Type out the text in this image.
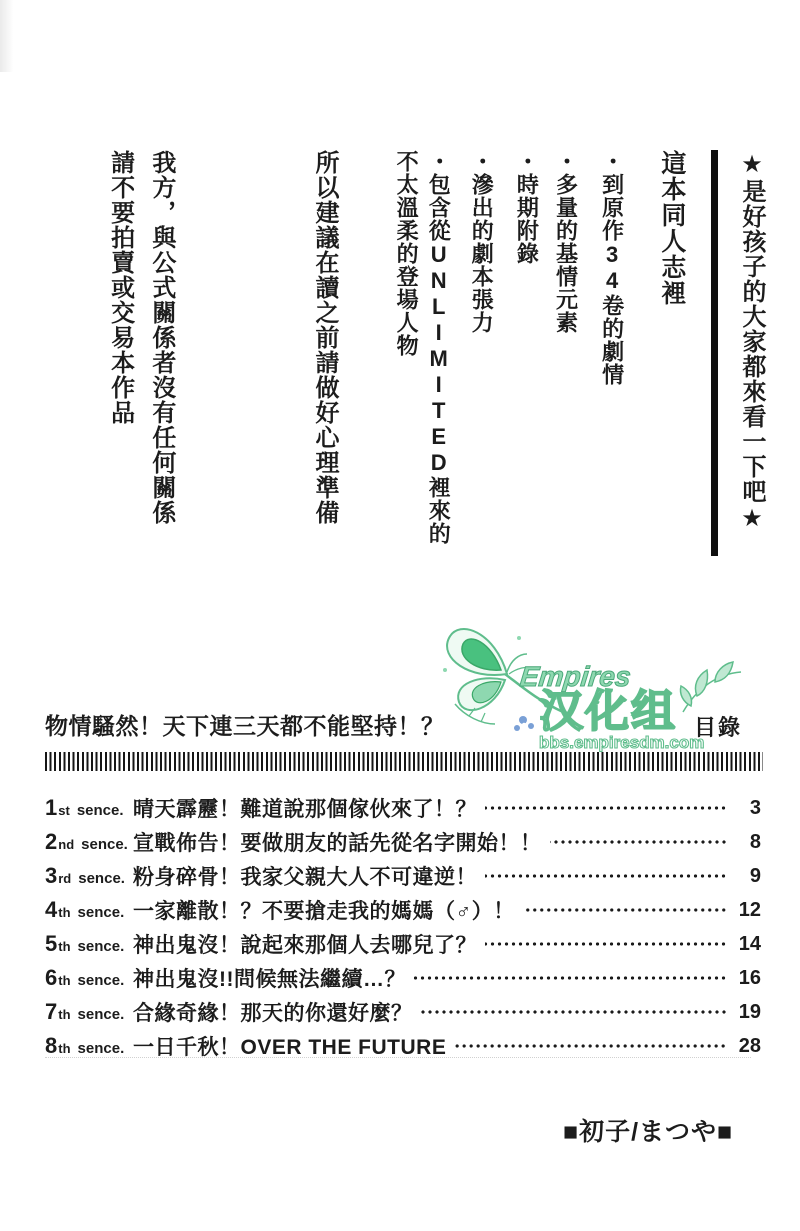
★是好孩子的大家都來看一下吧★

這本同人志裡

・到原作34卷的劇情

・多量的基情元素

・時期附錄

・滲出的劇本張力

・包含從UNLIMITED裡來的

不太溫柔的登場人物

所以建議在讀之前請做好心理準備

我方，與公式關係者沒有任何關係

請不要拍賣或交易本作品

Empires
汉化组
bbs.empiresdm.com
物情騷然！天下連三天都不能堅持！？	目錄
1 st sence. 晴天霹靂！難道說那個傢伙來了！？	3
2 nd sence. 宣戰佈告！要做朋友的話先從名字開始！！	8
3 rd sence. 粉身碎骨！我家父親大人不可違逆！	9
4 th sence. 一家離散！？不要搶走我的媽媽（♂）！	12
5 th sence. 神出鬼沒！說起來那個人去哪兒了？	14
6 th sence. 神出鬼沒!!問候無法繼續…？	16
7 th sence. 合緣奇緣！那天的你還好麼？	19
8 th sence. 一日千秋！OVER THE FUTURE	28
■初子/まつや■
